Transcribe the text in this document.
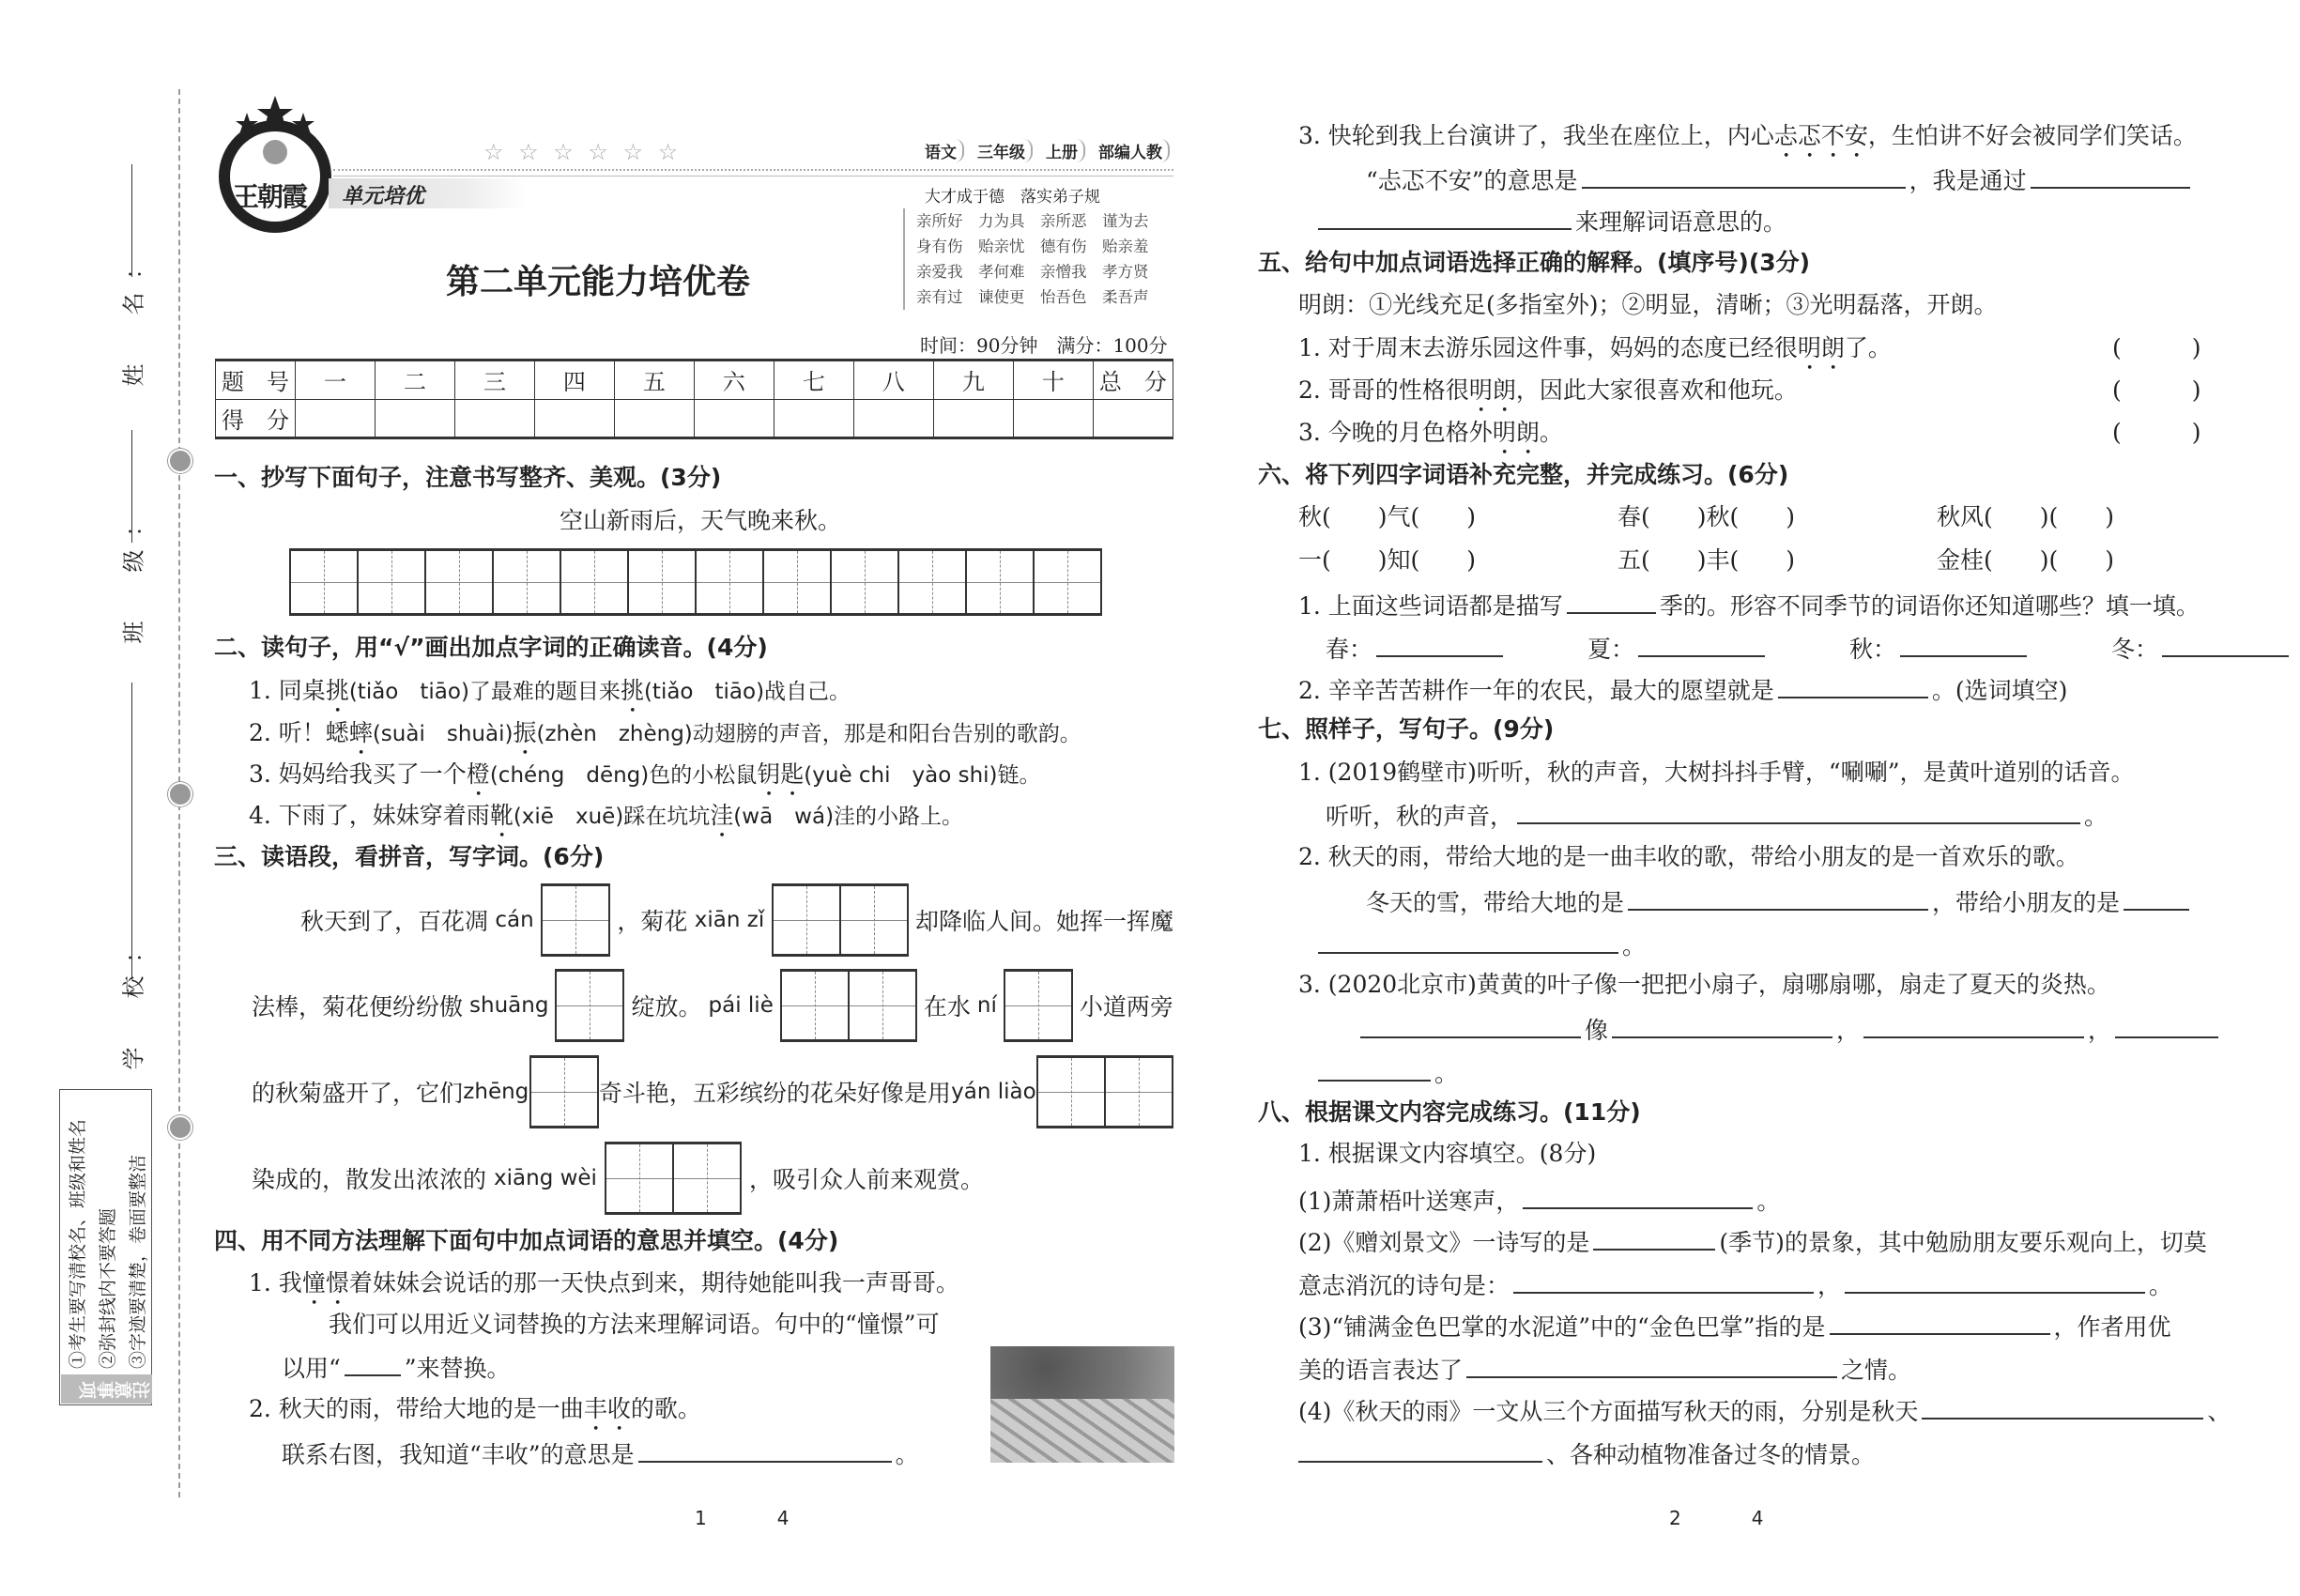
姓　名：
班　级：
学　校：
注意事项
①考生要写清校名、班级和姓名 ②弥封线内不要答题 ③字迹要清楚，卷面要整洁
王朝霞
☆ ☆ ☆ ☆ ☆ ☆	语文	三年级	上册	部编人教
单元培优	大才成于德　落实弟子规
亲所好　力为具　亲所恶　谨为去
身有伤　贻亲忧　德有伤　贻亲羞
亲爱我　孝何难　亲憎我　孝方贤
亲有过　谏使更　怡吾色　柔吾声
第二单元能力培优卷
时间：90分钟　满分：100分
题　号	一	二	三	四	五	六	七	八	九	十	总　分
得　分											
一、抄写下面句子，注意书写整齐、美观。(3分)
空山新雨后，天气晚来秋。
二、读句子，用“√”画出加点字词的正确读音。(4分)
1. 同桌挑(tiǎo　tiāo)了最难的题目来挑(tiǎo　tiāo)战自己。
2. 听！蟋蟀(suài　shuài)振(zhèn　zhèng)动翅膀的声音，那是和阳台告别的歌韵。
3. 妈妈给我买了一个橙(chéng　dēng)色的小松鼠钥匙(yuè chi　yào shi)链。
4. 下雨了，妹妹穿着雨靴(xiē　xuē)踩在坑坑洼(wā　wá)洼的小路上。
三、读语段，看拼音，写字词。(6分)
秋天到了，百花凋 cán	，菊花 xiān zǐ	却降临人间。她挥一挥魔
法棒，菊花便纷纷傲 shuāng	绽放。 pái liè	在水 ní	小道两旁
的秋菊盛开了，它们 zhēng	奇斗艳，五彩缤纷的花朵好像是用 yán liào
染成的，散发出浓浓的 xiāng wèi	，吸引众人前来观赏。
四、用不同方法理解下面句中加点词语的意思并填空。(4分)
1. 我憧憬着妹妹会说话的那一天快点到来，期待她能叫我一声哥哥。
我们可以用近义词替换的方法来理解词语。句中的“憧憬”可
以用“	”来替换。
2. 秋天的雨，带给大地的是一曲丰收的歌。
联系右图，我知道“丰收”的意思是	。
1	4
3. 快轮到我上台演讲了，我坐在座位上，内心忐忑不安，生怕讲不好会被同学们笑话。
“忐忑不安”的意思是	，我是通过
来理解词语意思的。
五、给句中加点词语选择正确的解释。(填序号)(3分)
明朗：①光线充足(多指室外)；②明显，清晰；③光明磊落，开朗。
1. 对于周末去游乐园这件事，妈妈的态度已经很明朗了。	(　　　)
2. 哥哥的性格很明朗，因此大家很喜欢和他玩。	(　　　)
3. 今晚的月色格外明朗。	(　　　)
六、将下列四字词语补充完整，并完成练习。(6分)
秋(　　)气(　　)	春(　　)秋(　　)	秋风(　　)(　　)
一(　　)知(　　)	五(　　)丰(　　)	金桂(　　)(　　)
1. 上面这些词语都是描写	季的。形容不同季节的词语你还知道哪些？填一填。
春：	夏：	秋：	冬：
2. 辛辛苦苦耕作一年的农民，最大的愿望就是	。(选词填空)
七、照样子，写句子。(9分)
1. (2019鹤壁市)听听，秋的声音，大树抖抖手臂，“唰唰”，是黄叶道别的话音。
听听，秋的声音，	。
2. 秋天的雨，带给大地的是一曲丰收的歌，带给小朋友的是一首欢乐的歌。
冬天的雪，带给大地的是	，带给小朋友的是
。
3. (2020北京市)黄黄的叶子像一把把小扇子，扇哪扇哪，扇走了夏天的炎热。
像	，	，
。
八、根据课文内容完成练习。(11分)
1. 根据课文内容填空。(8分)
(1)萧萧梧叶送寒声，	。
(2)《赠刘景文》一诗写的是	(季节)的景象，其中勉励朋友要乐观向上，切莫
意志消沉的诗句是：	，	。
(3)“铺满金色巴掌的水泥道”中的“金色巴掌”指的是	，作者用优
美的语言表达了	之情。
(4)《秋天的雨》一文从三个方面描写秋天的雨，分别是秋天	、
、各种动植物准备过冬的情景。
2	4
